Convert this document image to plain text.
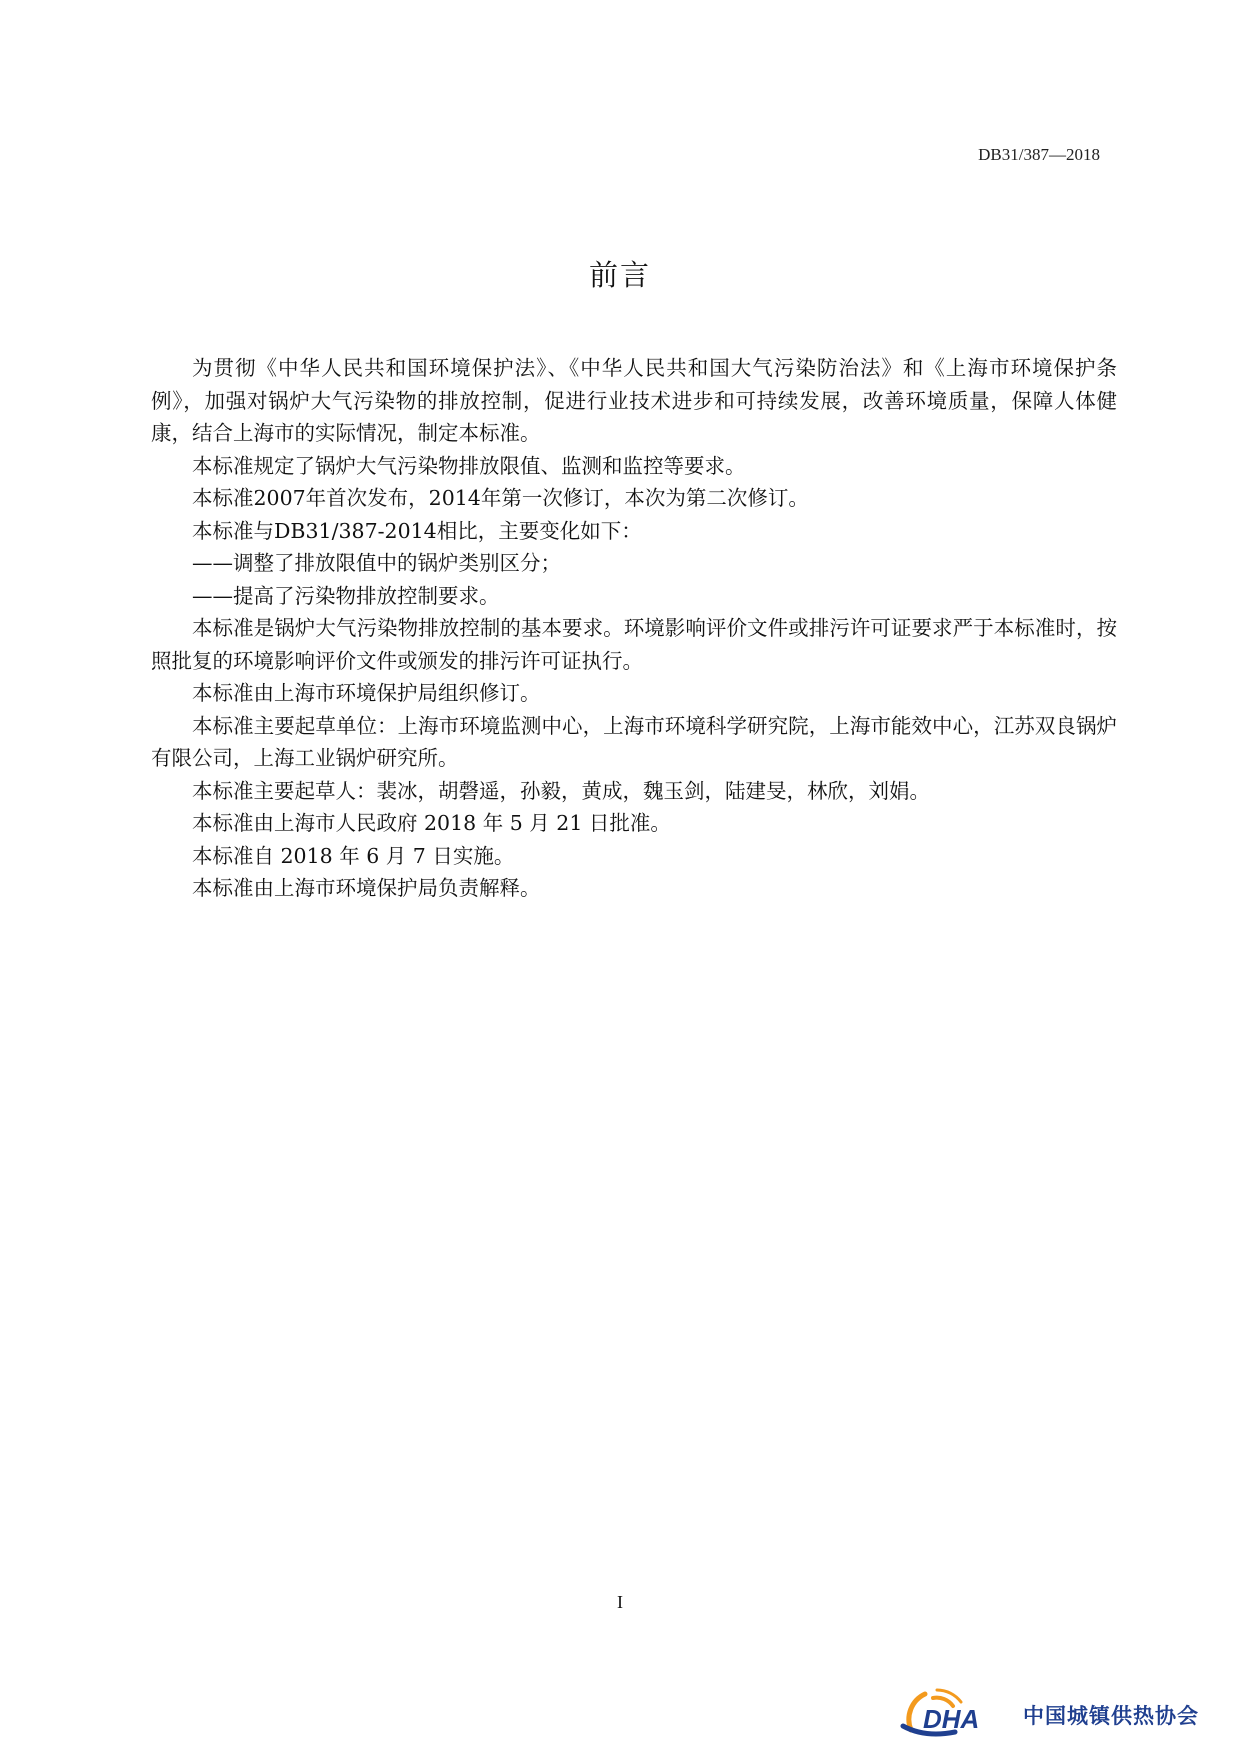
DB31/387—2018
前言

为贯彻《中华人民共和国环境保护法》、《中华人民共和国大气污染防治法》和《上海市环境保护条例》，加强对锅炉大气污染物的排放控制，促进行业技术进步和可持续发展，改善环境质量，保障人体健康，结合上海市的实际情况，制定本标准。

本标准规定了锅炉大气污染物排放限值、监测和监控等要求。

本标准2007年首次发布，2014年第一次修订，本次为第二次修订。

本标准与DB31/387-2014相比，主要变化如下：

——调整了排放限值中的锅炉类别区分；

——提高了污染物排放控制要求。

本标准是锅炉大气污染物排放控制的基本要求。环境影响评价文件或排污许可证要求严于本标准时，按照批复的环境影响评价文件或颁发的排污许可证执行。

本标准由上海市环境保护局组织修订。

本标准主要起草单位：上海市环境监测中心，上海市环境科学研究院，上海市能效中心，江苏双良锅炉有限公司，上海工业锅炉研究所。

本标准主要起草人：裴冰，胡磬遥，孙毅，黄成，魏玉剑，陆建旻，林欣，刘娟。

本标准由上海市人民政府 2018 年 5 月 21 日批准。

本标准自 2018 年 6 月 7 日实施。

本标准由上海市环境保护局负责解释。

I
DHA 中国城镇供热协会
